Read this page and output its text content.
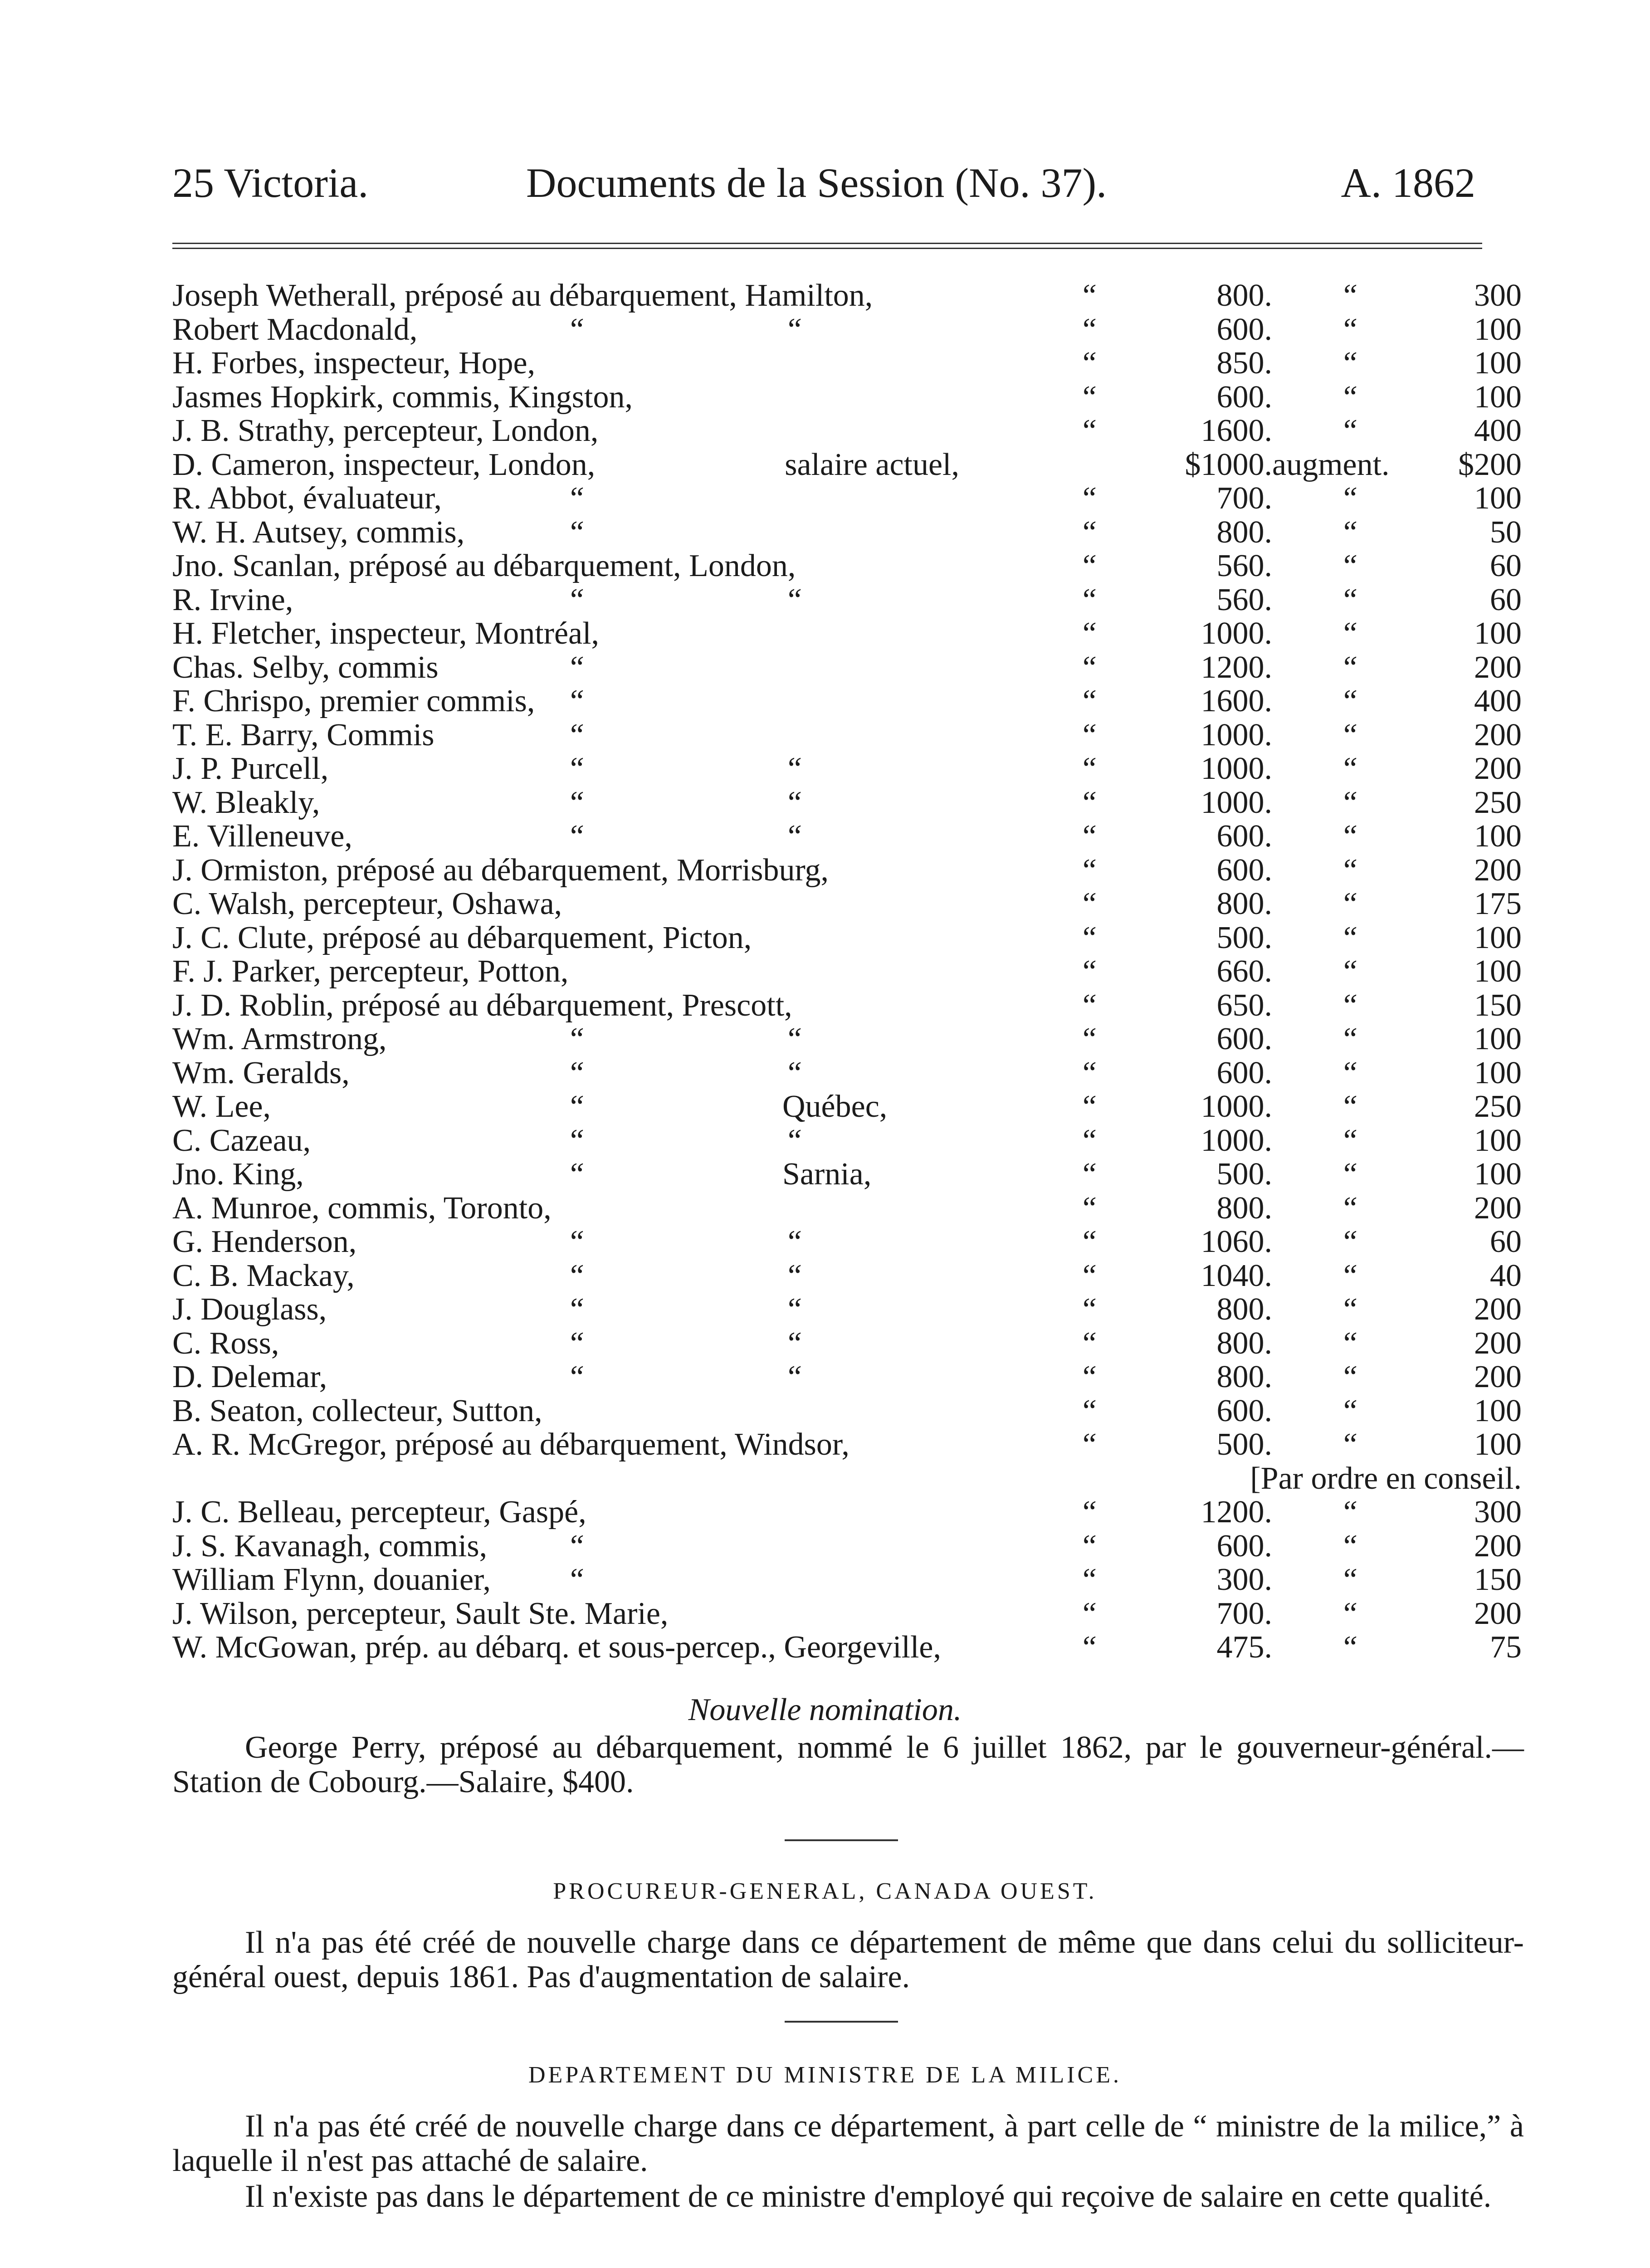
25 Victoria.	Documents de la Session (No. 37).	A. 1862
Joseph Wetherall, préposé au débarquement, Hamilton,	“	800. “	300
Robert Macdonald,	“	“	“	600. “	100
H. Forbes, inspecteur, Hope,	“	850. “	100
Jasmes Hopkirk, commis, Kingston,	“	600. “	100
J. B. Strathy, percepteur, London,	“	1600. “	400
D. Cameron, inspecteur, London,	salaire actuel,	$1000. augment. $200
R. Abbot, évaluateur,	“	“	700. “	100
W. H. Autsey, commis,	“	“	800. “	50
Jno. Scanlan, préposé au débarquement, London,	“	560. “	60
R. Irvine,	“	“	“	560. “	60
H. Fletcher, inspecteur, Montréal,	“	1000. “	100
Chas. Selby, commis	“	“	1200. “	200
F. Chrispo, premier commis, “	“	1600. “	400
T. E. Barry, Commis	“	“	1000. “	200
J. P. Purcell,	“	“	“	1000. “	200
W. Bleakly,	“	“	“	1000. “	250
E. Villeneuve,	“	“	“	600. “	100
J. Ormiston, préposé au débarquement, Morrisburg,	“	600. “	200
C. Walsh, percepteur, Oshawa,	“	800. “	175
J. C. Clute, préposé au débarquement, Picton,	“	500. “	100
F. J. Parker, percepteur, Potton,	“	660. “	100
J. D. Roblin, préposé au débarquement, Prescott,	“	650. “	150
Wm. Armstrong,	“	“	“	600. “	100
Wm. Geralds,	“	“	“	600. “	100
W. Lee,	“	Québec,	“	1000. “	250
C. Cazeau,	“	“	“	1000. “	100
Jno. King,	“	Sarnia,	“	500. “	100
A. Munroe, commis, Toronto,	“	800. “	200
G. Henderson,	“	“	“	1060. “	60
C. B. Mackay,	“	“	“	1040. “	40
J. Douglass,	“	“	“	800. “	200
C. Ross,	“	“	“	800. “	200
D. Delemar,	“	“	“	800. “	200
B. Seaton, collecteur, Sutton,	“	600. “	100
A. R. McGregor, préposé au débarquement, Windsor,	“	500. “	100
[Par ordre en conseil.
J. C. Belleau, percepteur, Gaspé,	“	1200. “	300
J. S. Kavanagh, commis,	“	“	600. “	200
William Flynn, douanier, “	“	300. “	150
J. Wilson, percepteur, Sault Ste. Marie,	“	700. “	200
W. McGowan, prép. au débarq. et sous-percep., Georgeville,	“	475. “	75
Nouvelle nomination.
George Perry, préposé au débarquement, nommé le 6 juillet 1862, par le gouverneur-général.—Station de Cobourg.—Salaire, $400.
PROCUREUR-GENERAL, CANADA OUEST.
Il n'a pas été créé de nouvelle charge dans ce département de même que dans celui du solliciteur-général ouest, depuis 1861. Pas d'augmentation de salaire.
DEPARTEMENT DU MINISTRE DE LA MILICE.
Il n'a pas été créé de nouvelle charge dans ce département, à part celle de “ ministre de la milice,” à laquelle il n'est pas attaché de salaire.
Il n'existe pas dans le département de ce ministre d'employé qui reçoive de salaire en cette qualité.
